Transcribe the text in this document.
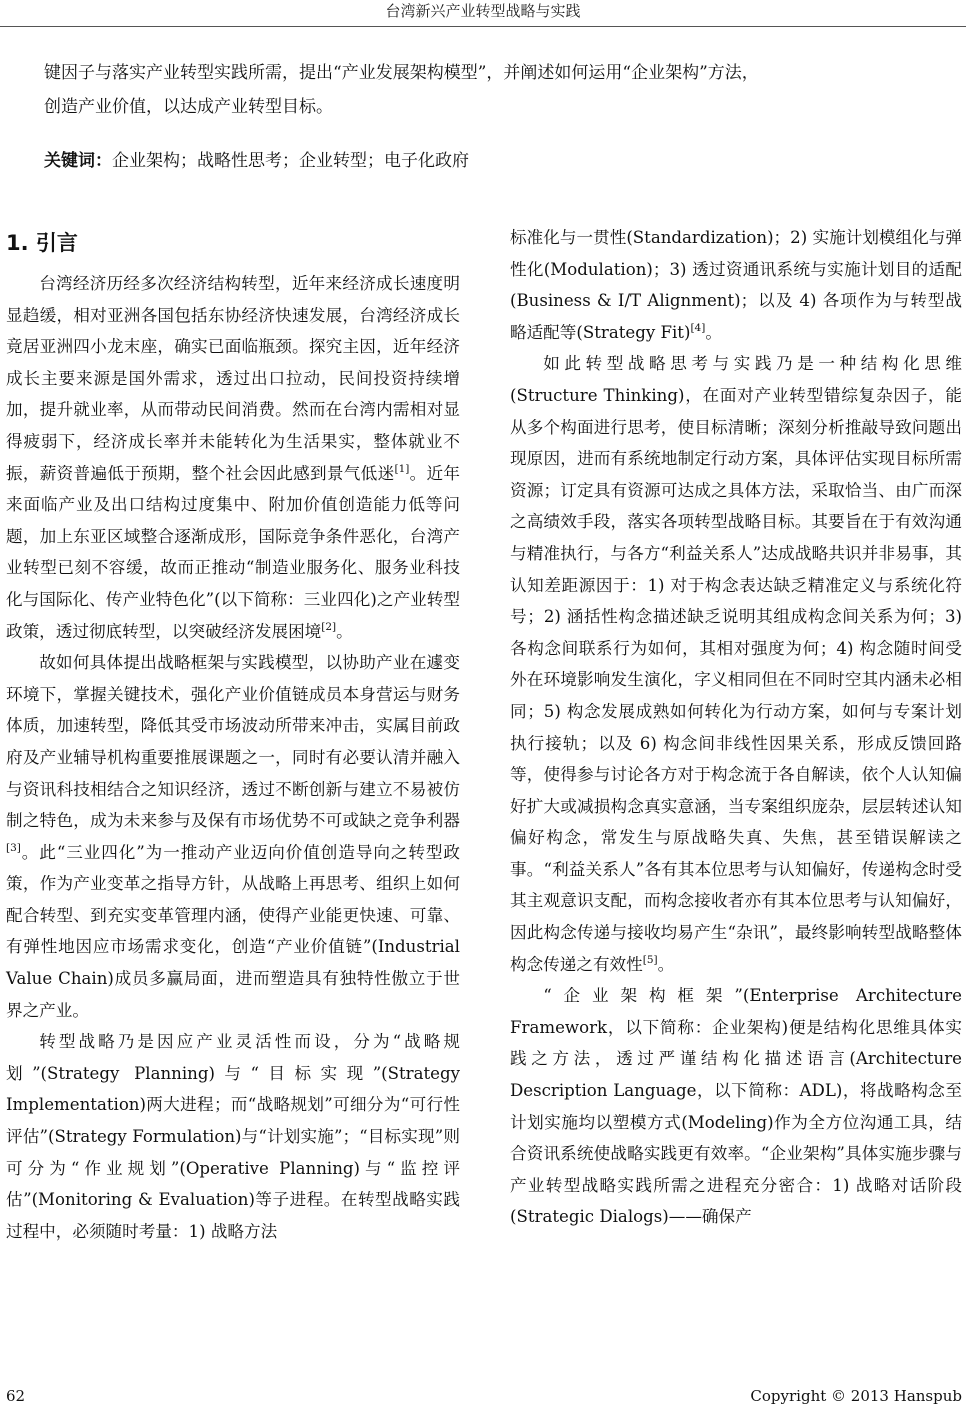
台湾新兴产业转型战略与实践

键因子与落实产业转型实践所需，提出“产业发展架构模型”，并阐述如何运用“企业架构”方法，

创造产业价值，以达成产业转型目标。

关键词：企业架构；战略性思考；企业转型；电子化政府
1. 引言

台湾经济历经多次经济结构转型，近年来经济成长速度明显趋缓，相对亚洲各国包括东协经济快速发展，台湾经济成长竟居亚洲四小龙末座，确实已面临瓶颈。探究主因，近年经济成长主要来源是国外需求，透过出口拉动，民间投资持续增加，提升就业率，从而带动民间消费。然而在台湾内需相对显得疲弱下，经济成长率并未能转化为生活果实，整体就业不振，薪资普遍低于预期，整个社会因此感到景气低迷[1]。近年来面临产业及出口结构过度集中、附加价值创造能力低等问题，加上东亚区域整合逐渐成形，国际竞争条件恶化，台湾产业转型已刻不容缓，故而正推动“制造业服务化、服务业科技化与国际化、传产业特色化”(以下简称：三业四化)之产业转型政策，透过彻底转型，以突破经济发展困境[2]。

故如何具体提出战略框架与实践模型，以协助产业在遽变环境下，掌握关键技术，强化产业价值链成员本身营运与财务体质，加速转型，降低其受市场波动所带来冲击，实属目前政府及产业辅导机构重要推展课题之一，同时有必要认清并融入与资讯科技相结合之知识经济，透过不断创新与建立不易被仿制之特色，成为未来参与及保有市场优势不可或缺之竞争利器[3]。此“三业四化”为一推动产业迈向价值创造导向之转型政策，作为产业变革之指导方针，从战略上再思考、组织上如何配合转型、到充实变革管理内涵，使得产业能更快速、可靠、有弹性地因应市场需求变化，创造“产业价值链”(Industrial Value Chain)成员多赢局面，进而塑造具有独特性傲立于世界之产业。

转型战略乃是因应产业灵活性而设，分为“战略规划”(Strategy Planning)与“目标实现”(Strategy Implementation)两大进程；而“战略规划”可细分为“可行性评估”(Strategy Formulation)与“计划实施”；“目标实现”则可分为“作业规划”(Operative Planning)与“监控评估”(Monitoring & Evaluation)等子进程。在转型战略实践过程中，必须随时考量：1) 战略方法

标准化与一贯性(Standardization)；2) 实施计划模组化与弹性化(Modulation)；3) 透过资通讯系统与实施计划目的适配(Business & I/T Alignment)；以及 4) 各项作为与转型战略适配等(Strategy Fit)[4]。

如此转型战略思考与实践乃是一种结构化思维(Structure Thinking)，在面对产业转型错综复杂因子，能从多个构面进行思考，使目标清晰；深刻分析推敲导致问题出现原因，进而有系统地制定行动方案，具体评估实现目标所需资源；订定具有资源可达成之具体方法，采取恰当、由广而深之高绩效手段，落实各项转型战略目标。其要旨在于有效沟通与精准执行，与各方“利益关系人”达成战略共识并非易事，其认知差距源因于：1) 对于构念表达缺乏精准定义与系统化符号；2) 涵括性构念描述缺乏说明其组成构念间关系为何；3) 各构念间联系行为如何，其相对强度为何；4) 构念随时间受外在环境影响发生演化，字义相同但在不同时空其内涵未必相同；5) 构念发展成熟如何转化为行动方案，如何与专案计划执行接轨；以及 6) 构念间非线性因果关系，形成反馈回路等，使得参与讨论各方对于构念流于各自解读，依个人认知偏好扩大或减损构念真实意涵，当专案组织庞杂，层层转述认知偏好构念，常发生与原战略失真、失焦，甚至错误解读之事。“利益关系人”各有其本位思考与认知偏好，传递构念时受其主观意识支配，而构念接收者亦有其本位思考与认知偏好，因此构念传递与接收均易产生“杂讯”，最终影响转型战略整体构念传递之有效性[5]。

“企业架构框架”(Enterprise Architecture Framework，以下简称：企业架构)便是结构化思维具体实践之方法，透过严谨结构化描述语言(Architecture Description Language，以下简称：ADL)，将战略构念至计划实施均以塑模方式(Modeling)作为全方位沟通工具，结合资讯系统使战略实践更有效率。“企业架构”具体实施步骤与产业转型战略实践所需之进程充分密合：1) 战略对话阶段(Strategic Dialogs)——确保产

62	Copyright © 2013 Hanspub
